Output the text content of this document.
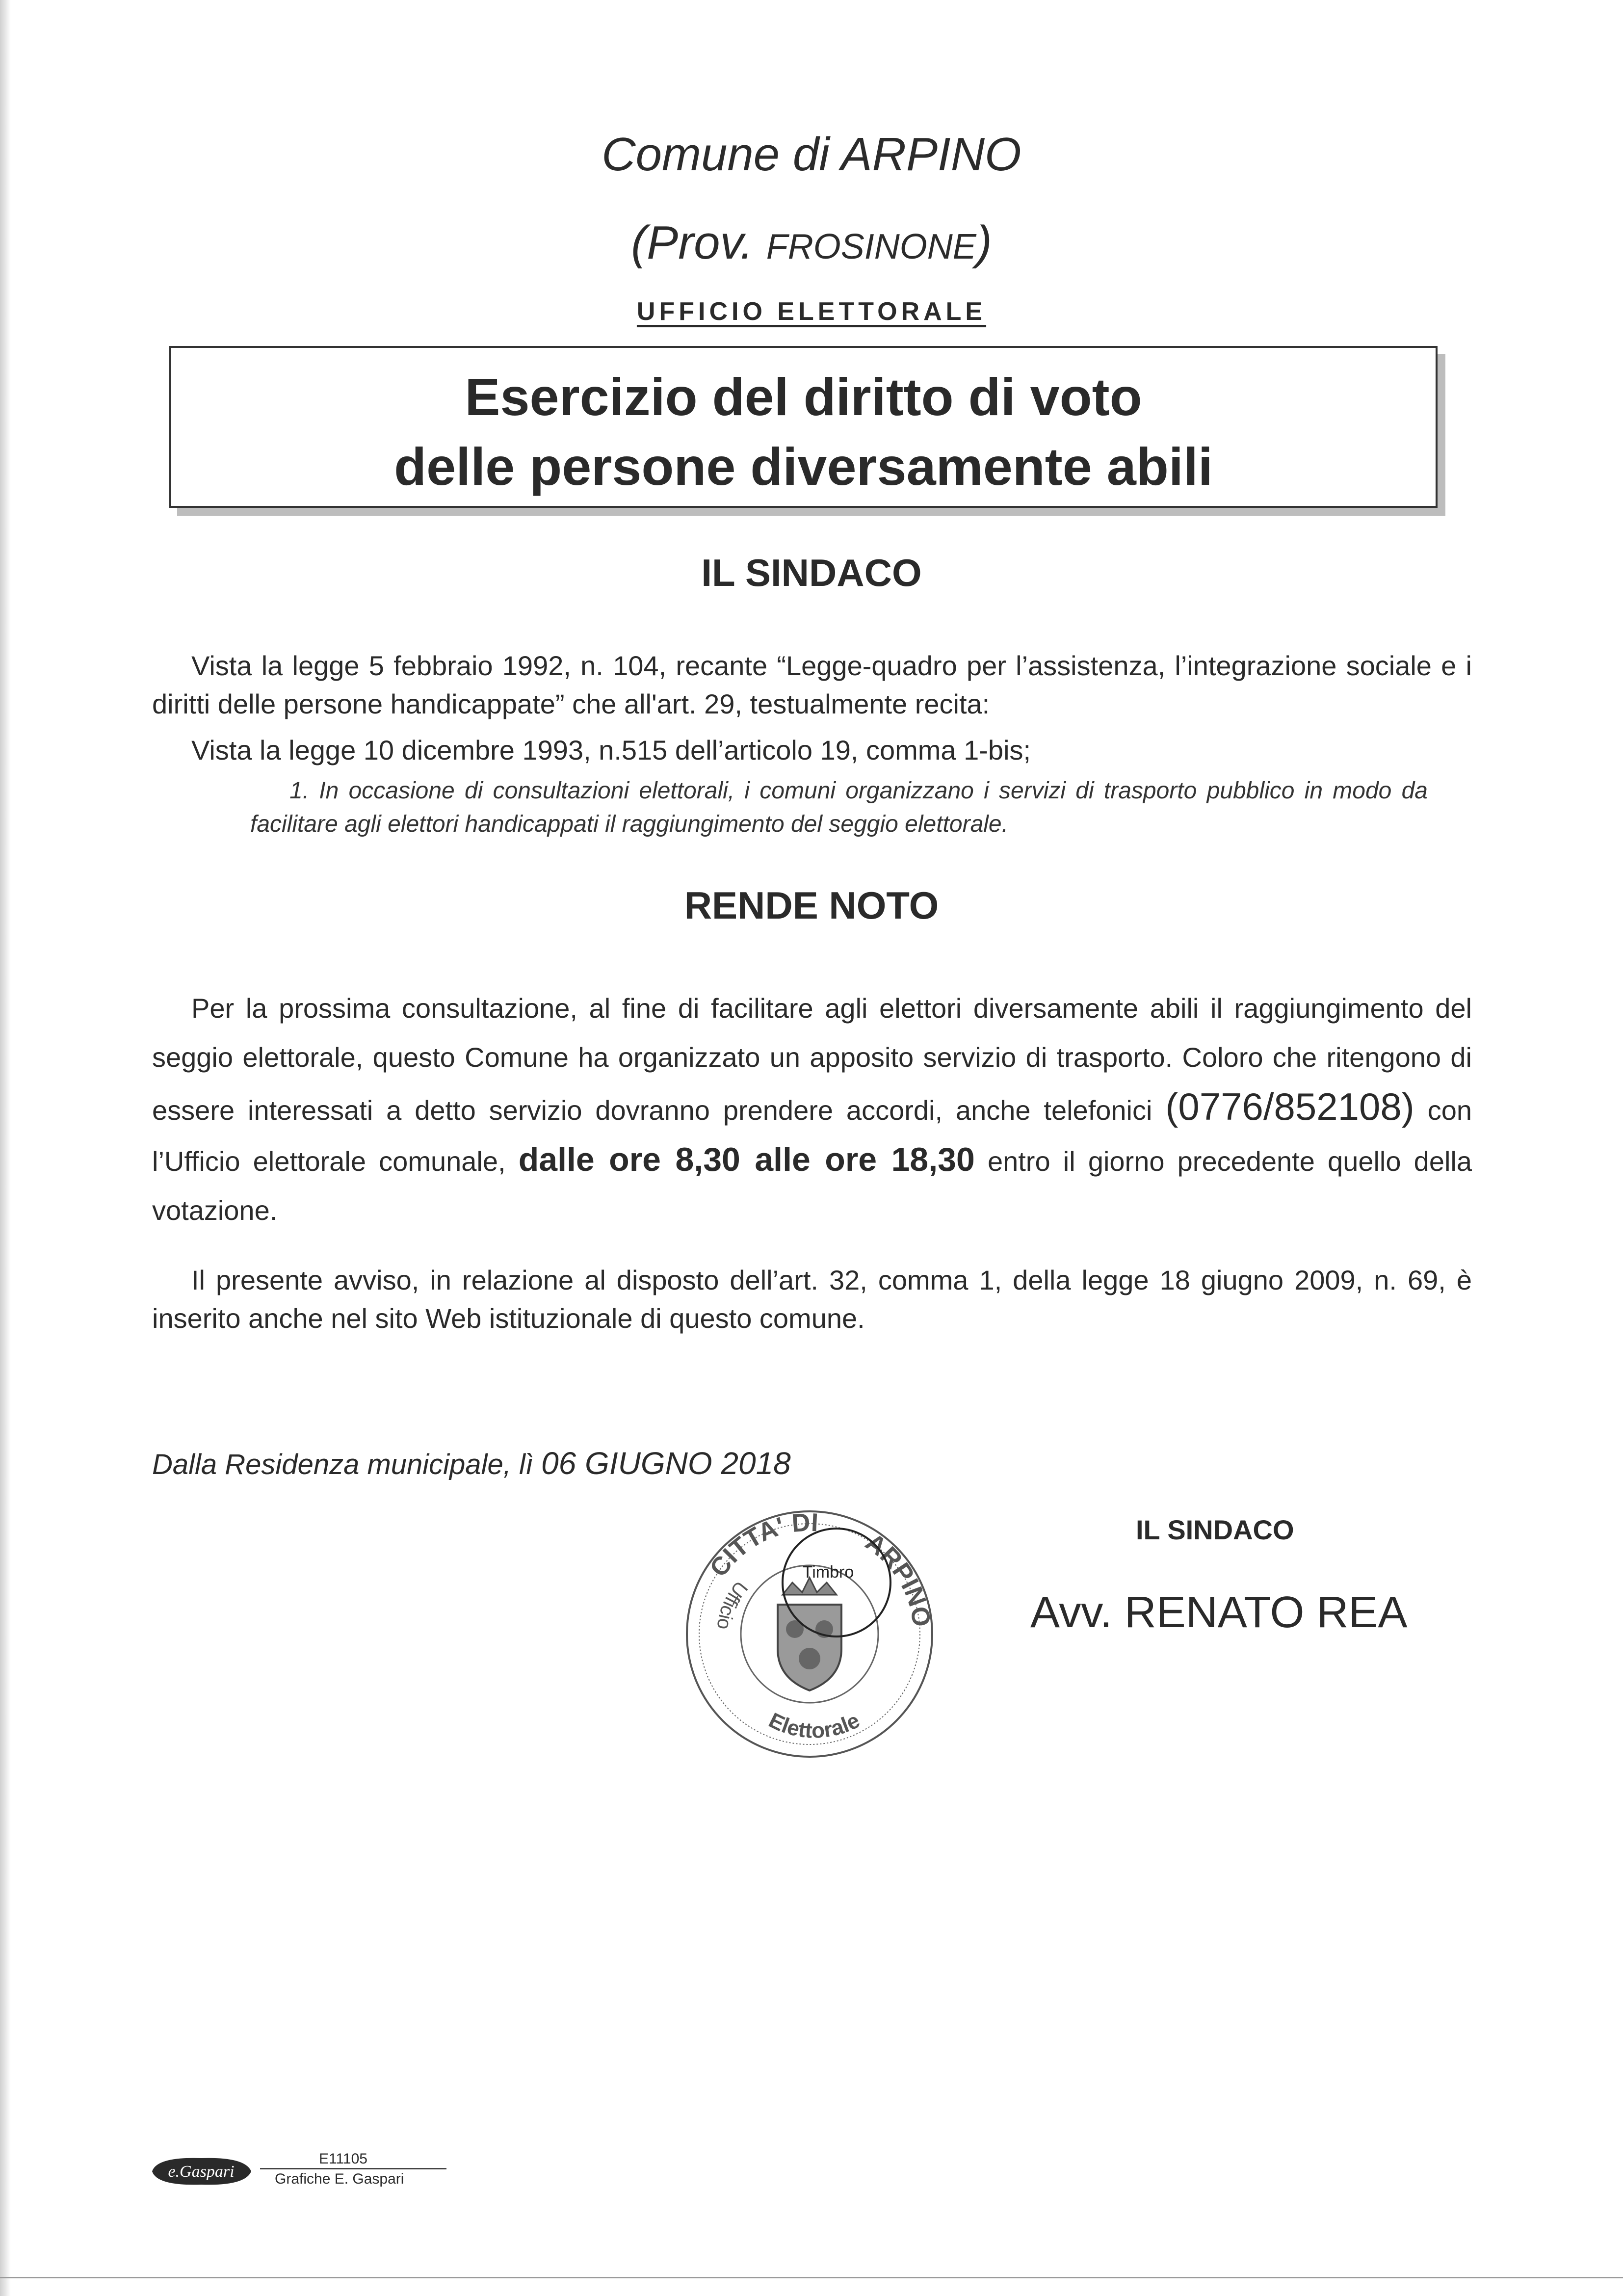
Comune di ARPINO
(Prov. FROSINONE)
UFFICIO ELETTORALE
Esercizio del diritto di voto
delle persone diversamente abili
IL SINDACO

Vista la legge 5 febbraio 1992, n. 104, recante “Legge-quadro per l’assistenza, l’integrazione sociale e i diritti delle persone handicappate” che all'art. 29, testualmente recita:

Vista la legge 10 dicembre 1993, n.515 dell’articolo 19, comma 1-bis;

1. In occasione di consultazioni elettorali, i comuni organizzano i servizi di trasporto pubblico in modo da facilitare agli elettori handicappati il raggiungimento del seggio elettorale.

RENDE NOTO

Per la prossima consultazione, al fine di facilitare agli elettori diversamente abili il raggiungimento del seggio elettorale, questo Comune ha organizzato un apposito servizio di trasporto. Coloro che ritengono di essere interessati a detto servizio dovranno prendere accordi, anche telefonici (0776/852108) con l’Ufficio elettorale comunale, dalle ore 8,30 alle ore 18,30 entro il giorno precedente quello della votazione.

Il presente avviso, in relazione al disposto dell’art. 32, comma 1, della legge 18 giugno 2009, n. 69, è inserito anche nel sito Web istituzionale di questo comune.

Dalla Residenza municipale, lì 06 GIUGNO 2018
IL SINDACO
Avv. RENATO REA
CITTA' DI
ARPINO
Ufficio
Elettorale
Timbro
e.Gaspari
E11105
Grafiche E. Gaspari
